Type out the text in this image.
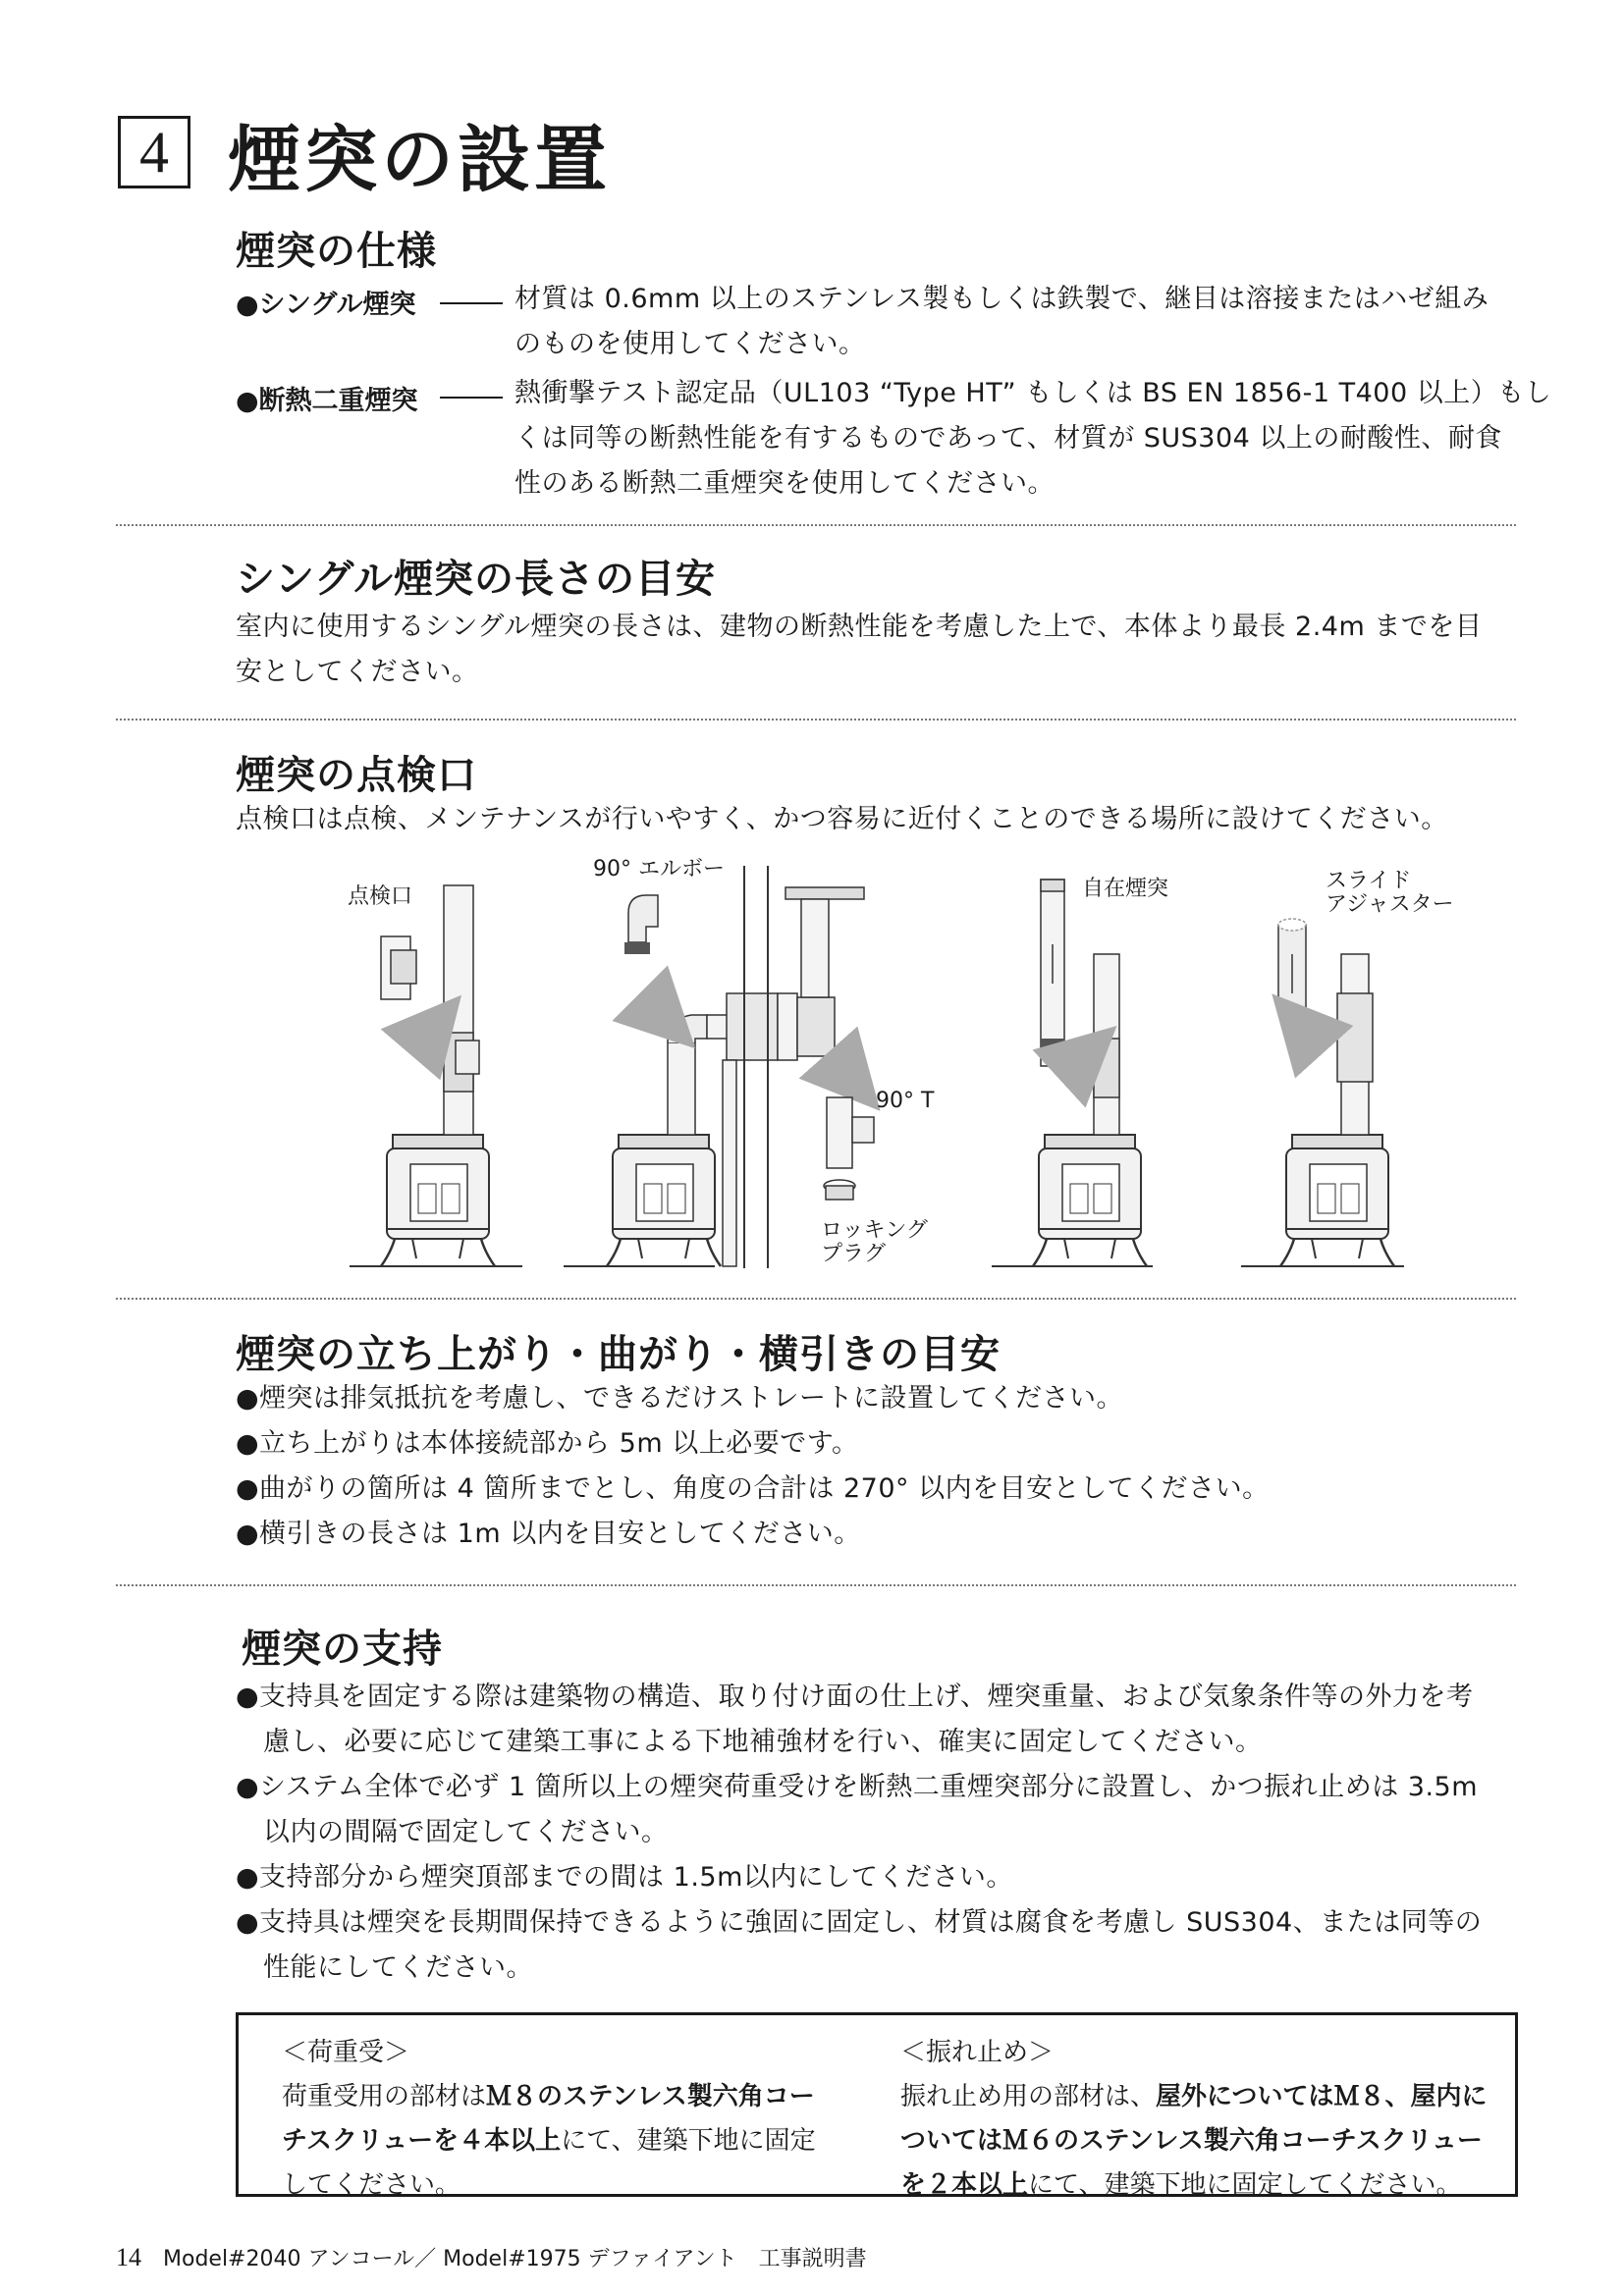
4 煙突の設置
煙突の仕様
●シングル煙突	材質は 0.6mm 以上のステンレス製もしくは鉄製で、継目は溶接またはハゼ組み
のものを使用してください。
●断熱二重煙突	熱衝撃テスト認定品（UL103 “Type HT” もしくは BS EN 1856-1 T400 以上）もし
くは同等の断熱性能を有するものであって、材質が SUS304 以上の耐酸性、耐食
性のある断熱二重煙突を使用してください。
シングル煙突の長さの目安
室内に使用するシングル煙突の長さは、建物の断熱性能を考慮した上で、本体より最長 2.4m までを目
安としてください。
煙突の点検口
点検口は点検、メンテナンスが行いやすく、かつ容易に近付くことのできる場所に設けてください。
点検口
90° エルボー
90° T
ロッキング
プラグ
自在煙突	スライド
アジャスター
煙突の立ち上がり・曲がり・横引きの目安
●煙突は排気抵抗を考慮し、できるだけストレートに設置してください。
●立ち上がりは本体接続部から 5m 以上必要です。
●曲がりの箇所は 4 箇所までとし、角度の合計は 270° 以内を目安としてください。
●横引きの長さは 1m 以内を目安としてください。
煙突の支持
●支持具を固定する際は建築物の構造、取り付け面の仕上げ、煙突重量、および気象条件等の外力を考
慮し、必要に応じて建築工事による下地補強材を行い、確実に固定してください。
●システム全体で必ず 1 箇所以上の煙突荷重受けを断熱二重煙突部分に設置し、かつ振れ止めは 3.5m
以内の間隔で固定してください。
●支持部分から煙突頂部までの間は 1.5m以内にしてください。
●支持具は煙突を長期間保持できるように強固に固定し、材質は腐食を考慮し SUS304、または同等の
性能にしてください。
＜荷重受＞
荷重受用の部材はＭ８のステンレス製六角コー
チスクリューを４本以上にて、建築下地に固定
してください。
＜振れ止め＞
振れ止め用の部材は、屋外についてはＭ８、屋内に
ついてはＭ６のステンレス製六角コーチスクリュー
を２本以上にて、建築下地に固定してください。
14 Model#2040 アンコール／ Model#1975 デファイアント　工事説明書
